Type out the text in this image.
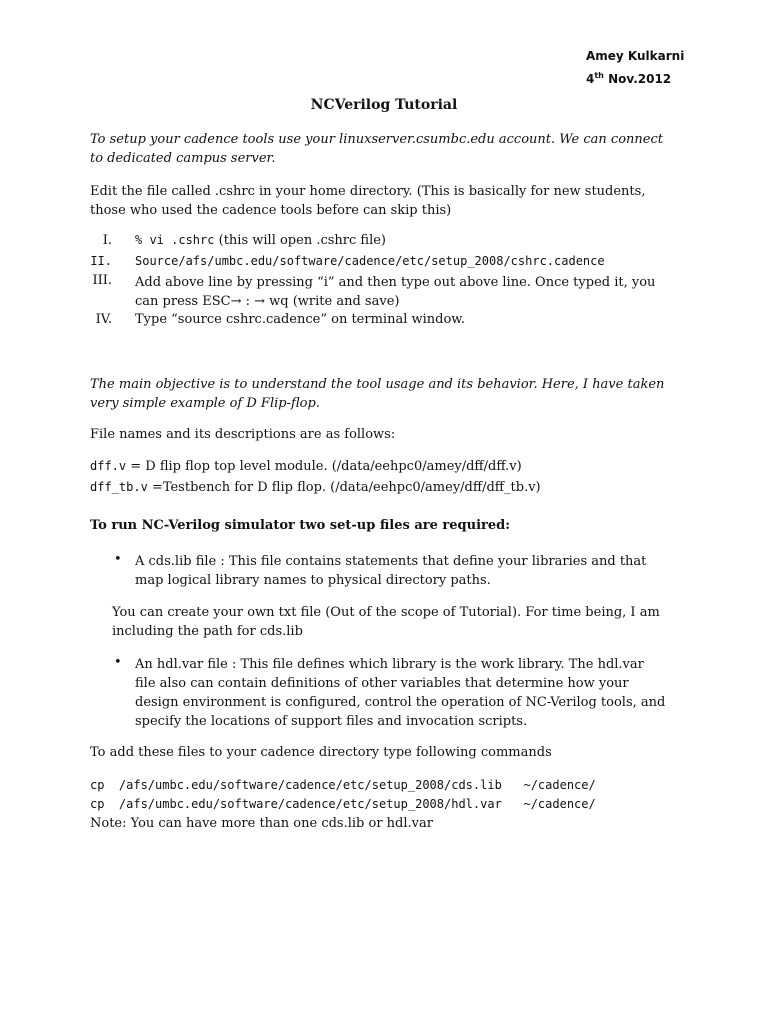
Amey Kulkarni
4th Nov.2012
NCVerilog Tutorial
To setup your cadence tools use your linuxserver.csumbc.edu account. We can connect
to dedicated campus server.
Edit the file called .cshrc in your home directory. (This is basically for new students,
those who used the cadence tools before can skip this)
I. % vi .cshrc (this will open .cshrc file)
II. Source/afs/umbc.edu/software/cadence/etc/setup_2008/cshrc.cadence
III. Add above line by pressing “i” and then type out above line. Once typed it, you
can press ESC→ : → wq (write and save)
IV. Type “source cshrc.cadence” on terminal window.
The main objective is to understand the tool usage and its behavior. Here, I have taken
very simple example of D Flip-flop.
File names and its descriptions are as follows:
dff.v = D flip flop top level module. (/data/eehpc0/amey/dff/dff.v)
dff_tb.v =Testbench for D flip flop. (/data/eehpc0/amey/dff/dff_tb.v)
To run NC-Verilog simulator two set-up files are required:
• A cds.lib file : This file contains statements that define your libraries and that
map logical library names to physical directory paths.
You can create your own txt file (Out of the scope of Tutorial). For time being, I am
including the path for cds.lib
• An hdl.var file : This file defines which library is the work library. The hdl.var
file also can contain definitions of other variables that determine how your
design environment is configured, control the operation of NC-Verilog tools, and
specify the locations of support files and invocation scripts.
To add these files to your cadence directory type following commands
cp  /afs/umbc.edu/software/cadence/etc/setup_2008/cds.lib   ~/cadence/
cp  /afs/umbc.edu/software/cadence/etc/setup_2008/hdl.var   ~/cadence/
Note: You can have more than one cds.lib or hdl.var
